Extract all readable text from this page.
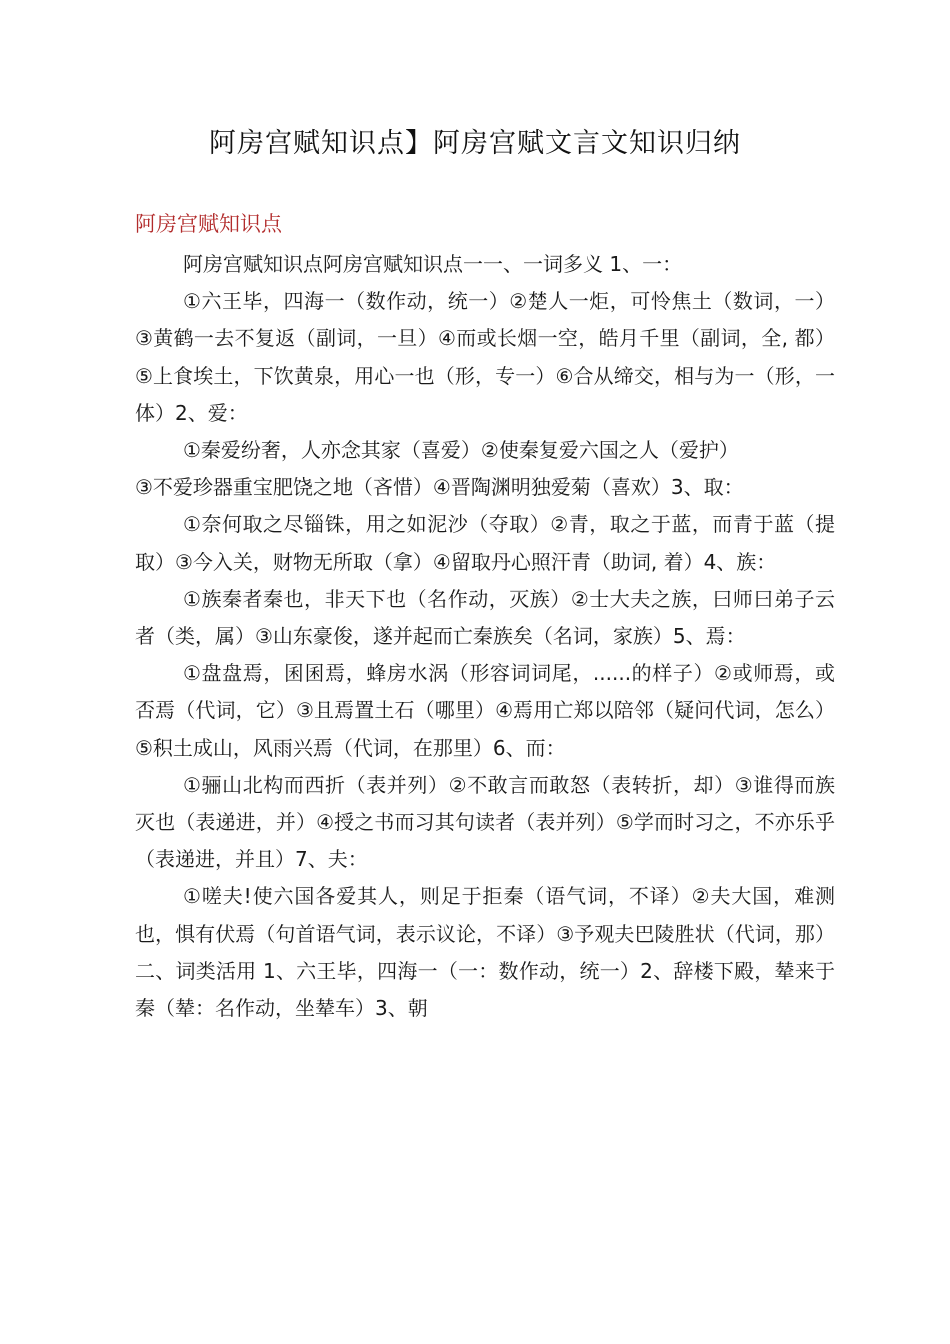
阿房宫赋知识点】阿房宫赋文言文知识归纳
阿房宫赋知识点

阿房宫赋知识点阿房宫赋知识点一一、一词多义 1、一：

①六王毕，四海一（数作动，统一）②楚人一炬，可怜焦土（数词，一）③黄鹤一去不复返（副词，一旦）④而或长烟一空，皓月千里（副词，全, 都）⑤上食埃土，下饮黄泉，用心一也（形，专一）⑥合从缔交，相与为一（形，一体）2、爱：

①秦爱纷奢，人亦念其家（喜爱）②使秦复爱六国之人（爱护）

③不爱珍器重宝肥饶之地（吝惜）④晋陶渊明独爱菊（喜欢）3、取：

①奈何取之尽锱铢，用之如泥沙（夺取）②青，取之于蓝，而青于蓝（提取）③今入关，财物无所取（拿）④留取丹心照汗青（助词, 着）4、族：

①族秦者秦也，非天下也（名作动，灭族）②士大夫之族，曰师曰弟子云者（类，属）③山东豪俊，遂并起而亡秦族矣（名词，家族）5、焉：

①盘盘焉，囷囷焉，蜂房水涡（形容词词尾，......的样子）②或师焉，或否焉（代词，它）③且焉置土石（哪里）④焉用亡郑以陪邻（疑问代词，怎么）⑤积土成山，风雨兴焉（代词，在那里）6、而：

①骊山北构而西折（表并列）②不敢言而敢怒（表转折，却）③谁得而族灭也（表递进，并）④授之书而习其句读者（表并列）⑤学而时习之，不亦乐乎（表递进，并且）7、夫：

①嗟夫!使六国各爱其人，则足于拒秦（语气词，不译）②夫大国，难测也，惧有伏焉（句首语气词，表示议论，不译）③予观夫巴陵胜状（代词，那）二、词类活用 1、六王毕，四海一（一：数作动，统一）2、辞楼下殿，辇来于秦（辇：名作动，坐辇车）3、朝
